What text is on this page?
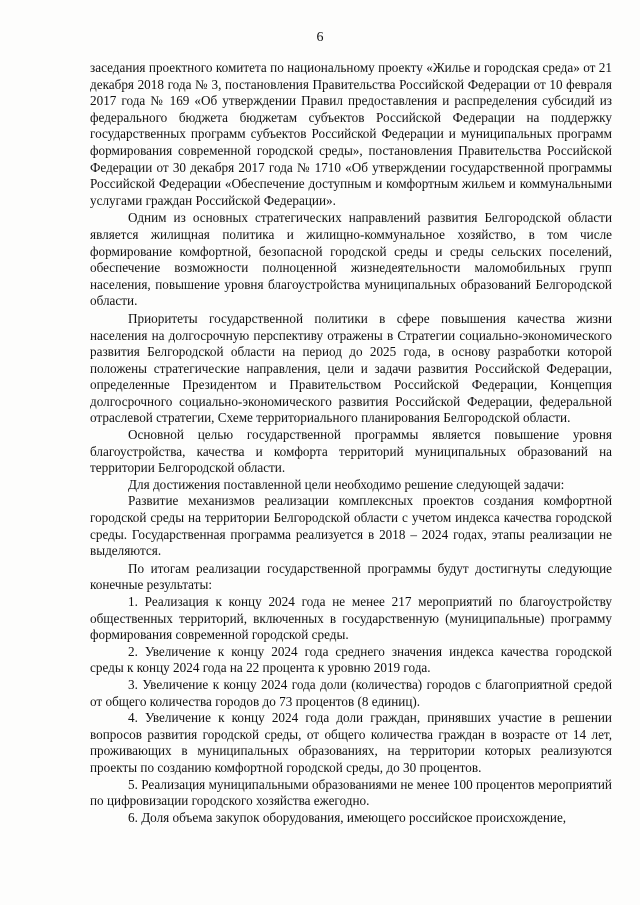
6

заседания проектного комитета по национальному проекту «Жилье и городская среда» от 21 декабря 2018 года № 3, постановления Правительства Российской Федерации от 10 февраля 2017 года № 169 «Об утверждении Правил предоставления и распределения субсидий из федерального бюджета бюджетам субъектов Российской Федерации на поддержку государственных программ субъектов Российской Федерации и муниципальных программ формирования современной городской среды», постановления Правительства Российской Федерации от 30 декабря 2017 года № 1710 «Об утверждении государственной программы Российской Федерации «Обеспечение доступным и комфортным жильем и коммунальными услугами граждан Российской Федерации».

Одним из основных стратегических направлений развития Белгородской области является жилищная политика и жилищно-коммунальное хозяйство, в том числе формирование комфортной, безопасной городской среды и среды сельских поселений, обеспечение возможности полноценной жизнедеятельности маломобильных групп населения, повышение уровня благоустройства муниципальных образований Белгородской области.

Приоритеты государственной политики в сфере повышения качества жизни населения на долгосрочную перспективу отражены в Стратегии социально-экономического развития Белгородской области на период до 2025 года, в основу разработки которой положены стратегические направления, цели и задачи развития Российской Федерации, определенные Президентом и Правительством Российской Федерации, Концепция долгосрочного социально-экономического развития Российской Федерации, федеральной отраслевой стратегии, Схеме территориального планирования Белгородской области.

Основной целью государственной программы является повышение уровня благоустройства, качества и комфорта территорий муниципальных образований на территории Белгородской области.

Для достижения поставленной цели необходимо решение следующей задачи:

Развитие механизмов реализации комплексных проектов создания комфортной городской среды на территории Белгородской области с учетом индекса качества городской среды. Государственная программа реализуется в 2018 – 2024 годах, этапы реализации не выделяются.

По итогам реализации государственной программы будут достигнуты следующие конечные результаты:

1. Реализация к концу 2024 года не менее 217 мероприятий по благоустройству общественных территорий, включенных в государственную (муниципальные) программу формирования современной городской среды.

2. Увеличение к концу 2024 года среднего значения индекса качества городской среды к концу 2024 года на 22 процента к уровню 2019 года.

3. Увеличение к концу 2024 года доли (количества) городов с благоприятной средой от общего количества городов до 73 процентов (8 единиц).

4. Увеличение к концу 2024 года доли граждан, принявших участие в решении вопросов развития городской среды, от общего количества граждан в возрасте от 14 лет, проживающих в муниципальных образованиях, на территории которых реализуются проекты по созданию комфортной городской среды, до 30 процентов.

5. Реализация муниципальными образованиями не менее 100 процентов мероприятий по цифровизации городского хозяйства ежегодно.

6. Доля объема закупок оборудования, имеющего российское происхождение,
